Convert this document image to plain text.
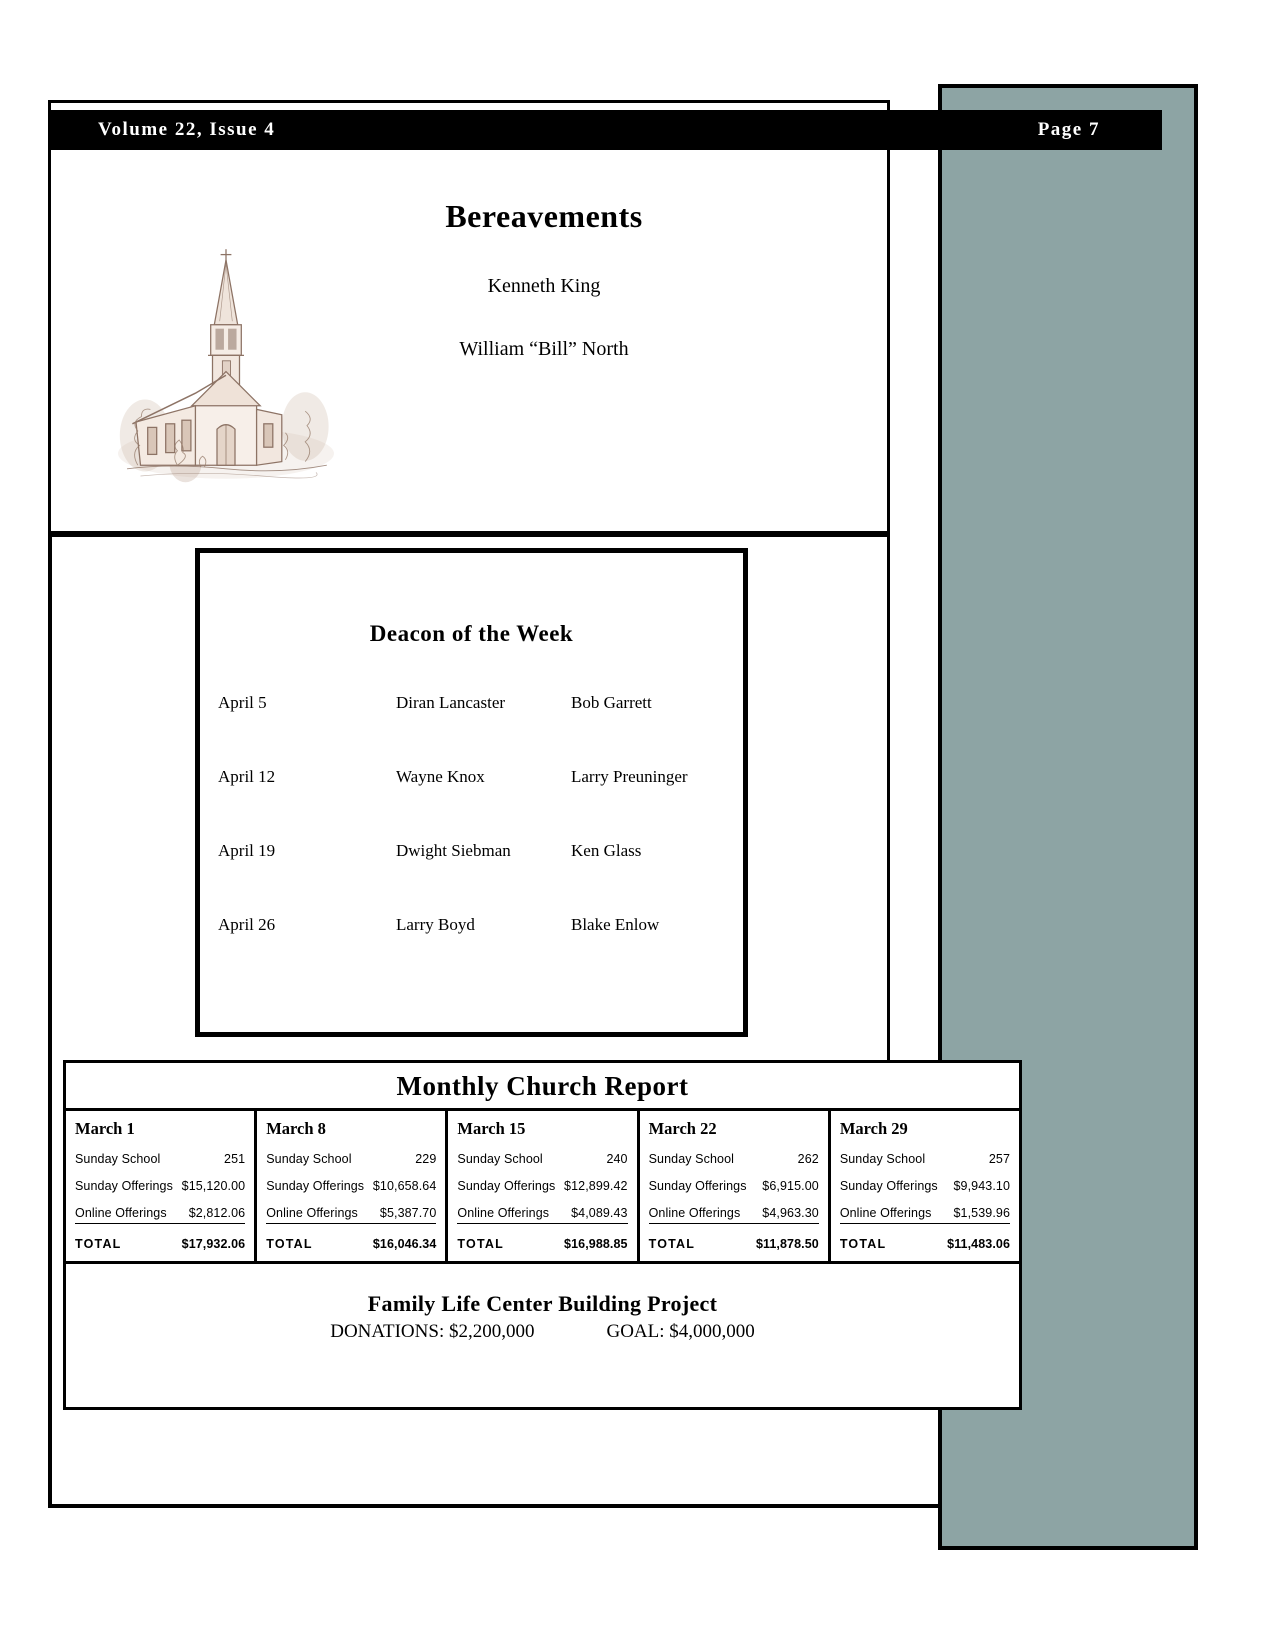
Bereavements
Kenneth King
William “Bill” North
Volume 22, Issue 4	Page 7
Deacon of the Week
April 5	Diran Lancaster	Bob Garrett
April 12	Wayne Knox	Larry Preuninger
April 19	Dwight Siebman	Ken Glass
April 26	Larry Boyd	Blake Enlow
Monthly Church Report
March 1
Sunday School	251
Sunday Offerings $15,120.00
Online Offerings $2,812.06
TOTAL	$17,932.06
March 8
Sunday School	229
Sunday Offerings $10,658.64
Online Offerings $5,387.70
TOTAL	$16,046.34
March 15
Sunday School	240
Sunday Offerings $12,899.42
Online Offerings $4,089.43
TOTAL	$16,988.85
March 22
Sunday School	262
Sunday Offerings $6,915.00
Online Offerings $4,963.30
TOTAL	$11,878.50
March 29
Sunday School	257
Sunday Offerings $9,943.10
Online Offerings $1,539.96
TOTAL	$11,483.06
Family Life Center Building Project
DONATIONS: $2,200,000	GOAL: $4,000,000
